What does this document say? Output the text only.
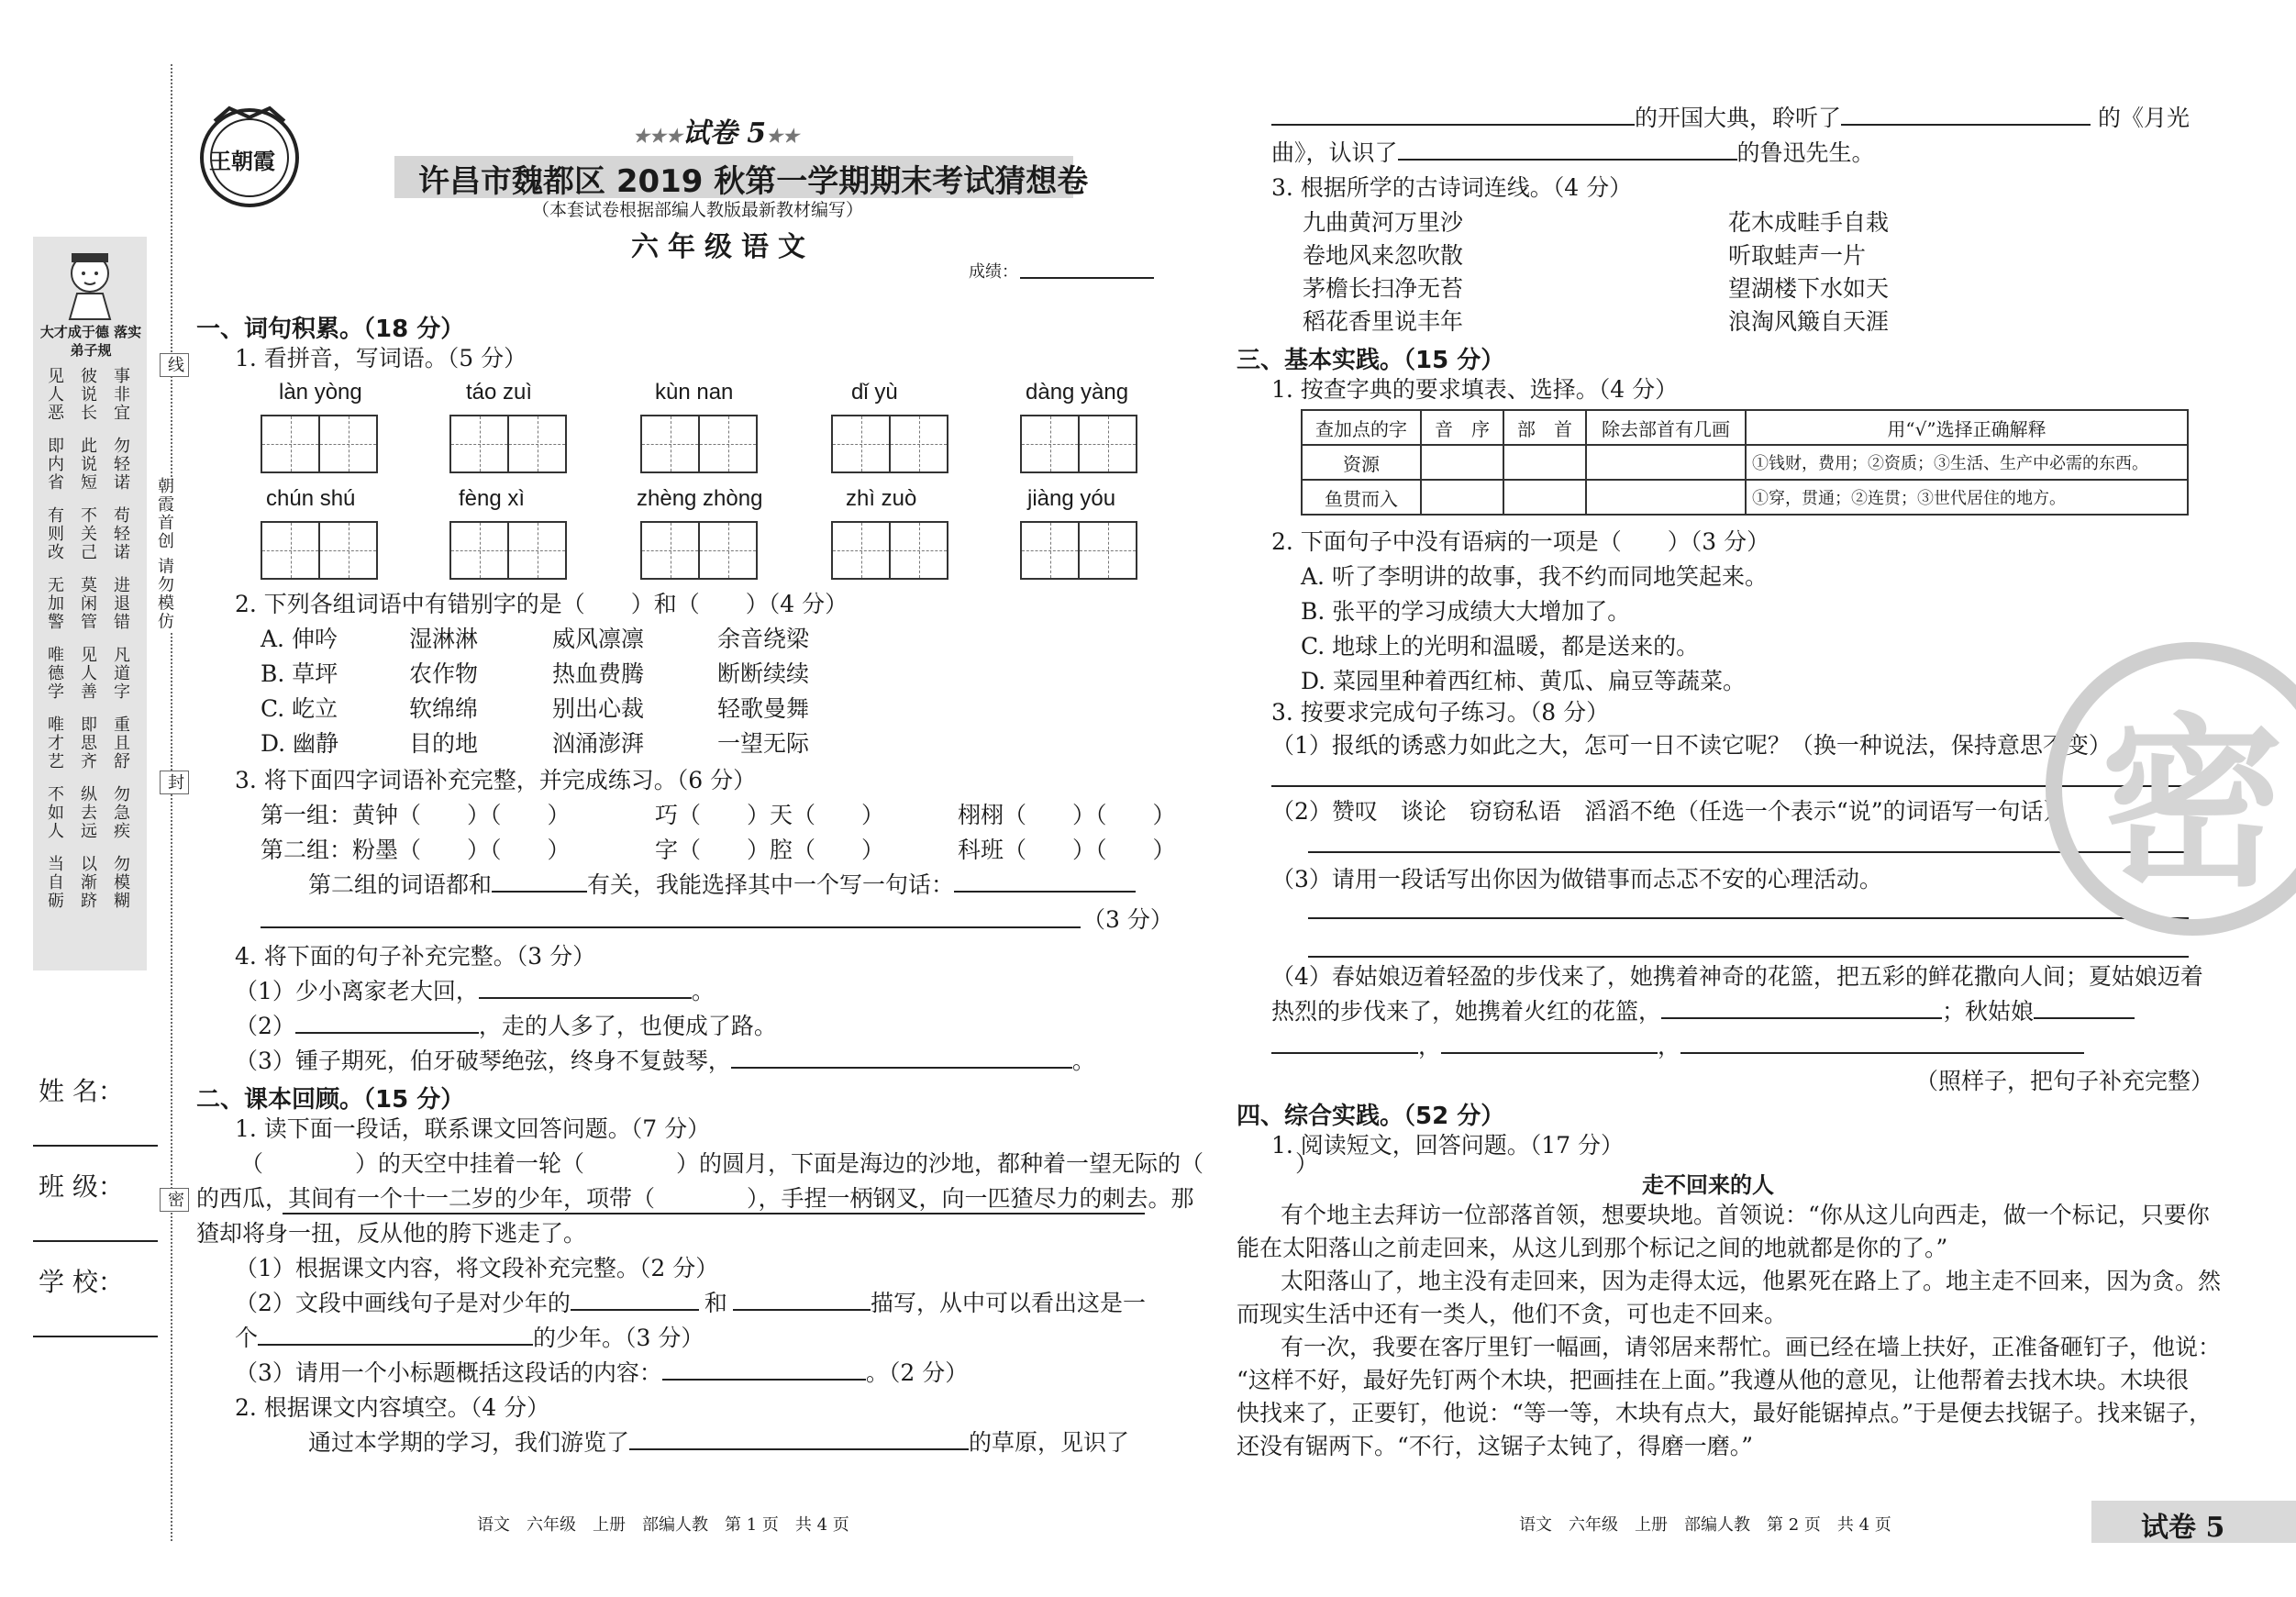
线
朝霞首创 请勿模仿
封
密
大才成于德 落实弟子规
见人恶 彼说长 事非宜
即内省 此说短 勿轻诺
有则改 不关己 苟轻诺
无加警 莫闲管 进退错
唯德学 见人善 凡道字
唯才艺 即思齐 重且舒
不如人 纵去远 勿急疾
当自砺 以渐跻 勿模糊
姓 名：
班 级：
学 校：
王朝霞
★★★试卷 5★★
许昌市魏都区 2019 秋第一学期期末考试猜想卷
（本套试卷根据部编人教版最新教材编写）
六年级语文
成绩：
一、词句积累。（18 分）
1. 看拼音，写词语。（5 分）
làn yòng	táo zuì	kùn nan	dǐ yù	dàng yàng
chún shú	fèng xì	zhèng zhòng	zhì zuò	jiàng yóu
2. 下列各组词语中有错别字的是（　　）和（　　）（4 分）
A. 伸吟	湿淋淋	威风凛凛	余音绕梁
B. 草坪	农作物	热血费腾	断断续续
C. 屹立	软绵绵	别出心裁	轻歌曼舞
D. 幽静	目的地	汹涌澎湃	一望无际
3. 将下面四字词语补充完整，并完成练习。（6 分）
第一组：黄钟（　　）（　　）	巧（　　）天（　　）	栩栩（　　）（　　）
第二组：粉墨（　　）（　　）	字（　　）腔（　　）	科班（　　）（　　）
第二组的词语都和	有关，我能选择其中一个写一句话：
（3 分）
4. 将下面的句子补充完整。（3 分）
（1）少小离家老大回，	。
（2）	，走的人多了，也便成了路。
（3）锺子期死，伯牙破琴绝弦，终身不复鼓琴，	。
二、课本回顾。（15 分）
1. 读下面一段话，联系课文回答问题。（7 分）
（　　　　）的天空中挂着一轮（　　　　）的圆月，下面是海边的沙地，都种着一望无际的（　　　　）
的西瓜，其间有一个十一二岁的少年，项带（　　　　），手捏一柄钢叉，向一匹猹尽力的刺去。那
猹却将身一扭，反从他的胯下逃走了。
（1）根据课文内容，将文段补充完整。（2 分）
（2）文段中画线句子是对少年的	和	描写，从中可以看出这是一
个	的少年。（3 分）
（3）请用一个小标题概括这段话的内容：	。（2 分）
2. 根据课文内容填空。（4 分）
通过本学期的学习，我们游览了	的草原，见识了
语文　六年级　上册　部编人教　第 1 页　共 4 页
的开国大典，聆听了	的《月光
曲》，认识了	的鲁迅先生。
3. 根据所学的古诗词连线。（4 分）
九曲黄河万里沙
卷地风来忽吹散
茅檐长扫净无苔
稻花香里说丰年
花木成畦手自栽
听取蛙声一片
望湖楼下水如天
浪淘风簸自天涯
三、基本实践。（15 分）
1. 按查字典的要求填表、选择。（4 分）
查加点的字	音　序	部　首	除去部首有几画	用“√”选择正确解释
资源				①钱财，费用；②资质；③生活、生产中必需的东西。
鱼贯而入				①穿，贯通；②连贯；③世代居住的地方。
2. 下面句子中没有语病的一项是（　　）（3 分）
A. 听了李明讲的故事，我不约而同地笑起来。
B. 张平的学习成绩大大增加了。
C. 地球上的光明和温暖，都是送来的。
D. 菜园里种着西红柿、黄瓜、扁豆等蔬菜。
3. 按要求完成句子练习。（8 分）
（1）报纸的诱惑力如此之大，怎可一日不读它呢？（换一种说法，保持意思不变）
（2）赞叹　谈论　窃窃私语　滔滔不绝（任选一个表示“说”的词语写一句话）
（3）请用一段话写出你因为做错事而忐忑不安的心理活动。
（4）春姑娘迈着轻盈的步伐来了，她携着神奇的花篮，把五彩的鲜花撒向人间；夏姑娘迈着
热烈的步伐来了，她携着火红的花篮，	；秋姑娘
，	，
（照样子，把句子补充完整）
四、综合实践。（52 分）
1. 阅读短文，回答问题。（17 分）
走不回来的人
有个地主去拜访一位部落首领，想要块地。首领说：“你从这儿向西走，做一个标记，只要你
能在太阳落山之前走回来，从这儿到那个标记之间的地就都是你的了。”
太阳落山了，地主没有走回来，因为走得太远，他累死在路上了。地主走不回来，因为贪。然
而现实生活中还有一类人，他们不贪，可也走不回来。
有一次，我要在客厅里钉一幅画，请邻居来帮忙。画已经在墙上扶好，正准备砸钉子，他说：
“这样不好，最好先钉两个木块，把画挂在上面。”我遵从他的意见，让他帮着去找木块。木块很
快找来了，正要钉，他说：“等一等，木块有点大，最好能锯掉点。”于是便去找锯子。找来锯子，
还没有锯两下。“不行，这锯子太钝了，得磨一磨。”
语文　六年级　上册　部编人教　第 2 页　共 4 页	试卷 5
密
